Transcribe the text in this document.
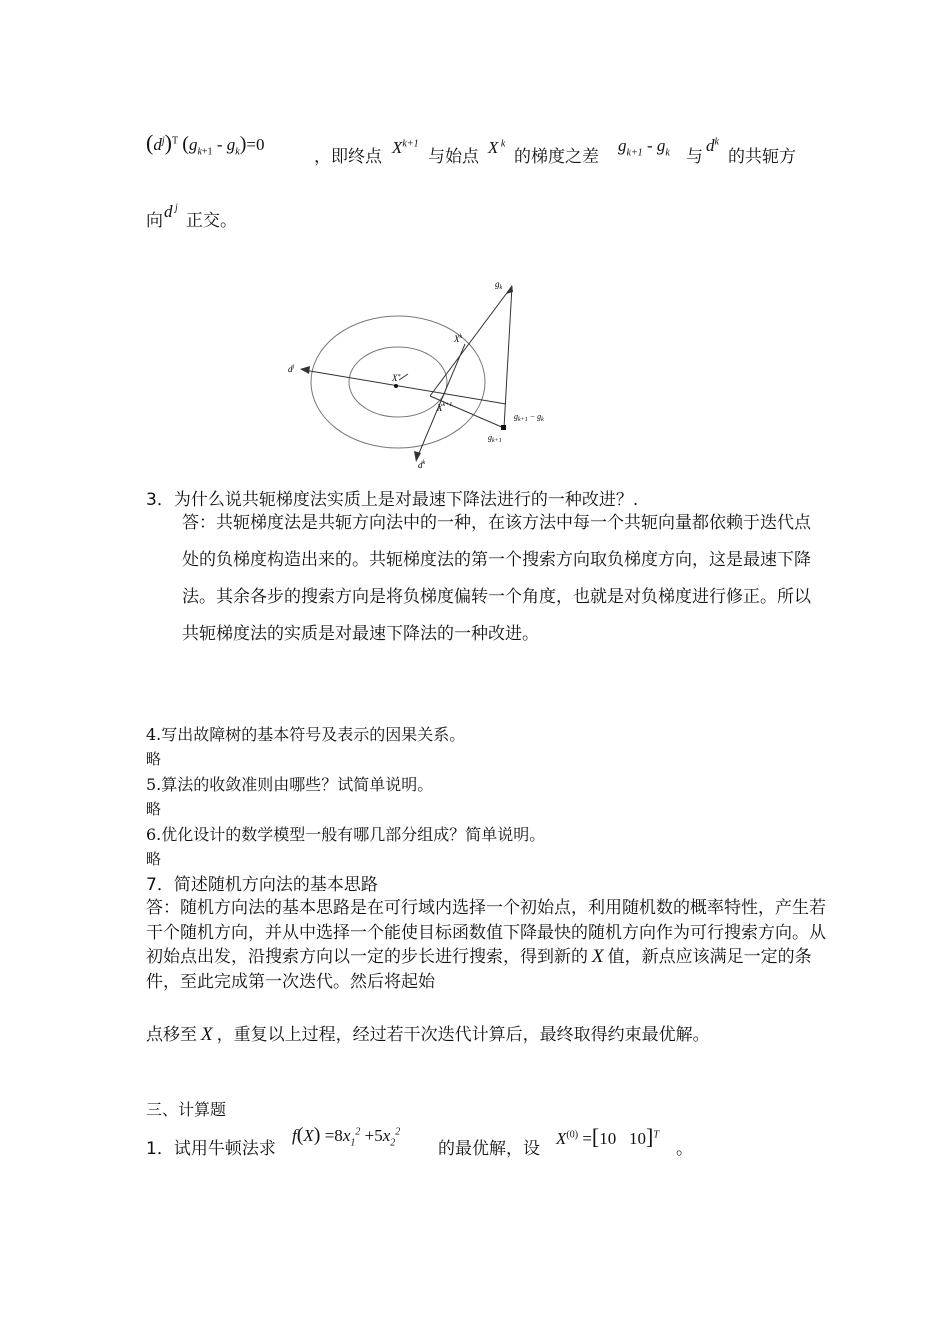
$(d^j)^T$ $(g_{k+1} - g_k)=0$
，即终点 $X^{k+1}$
与始点 X $^k$
的梯度之差
$g_{k+1} - g_k$ 与
$d^k$
的共轭方
向 d $^j$
正交。
$g_k$
$X^k$
$d^j$
X*
$X^{k+1}$
$g_{k+1} - g_k$
$g_{k+1}$
$d^k$
3．为什么说共轭梯度法实质上是对最速下降法进行的一种改进？.
答：共轭梯度法是共轭方向法中的一种，在该方法中每一个共轭向量都依赖于迭代点处的负梯度构造出来的。共轭梯度法的第一个搜索方向取负梯度方向，这是最速下降法。其余各步的搜索方向是将负梯度偏转一个角度，也就是对负梯度进行修正。所以共轭梯度法的实质是对最速下降法的一种改进。
4.写出故障树的基本符号及表示的因果关系。
略
5.算法的收敛准则由哪些？试简单说明。
略
6.优化设计的数学模型一般有哪几部分组成？简单说明。
略
7．简述随机方向法的基本思路
答：随机方向法的基本思路是在可行域内选择一个初始点，利用随机数的概率特性，产生若干个随机方向，并从中选择一个能使目标函数值下降最快的随机方向作为可行搜索方向。从初始点出发，沿搜索方向以一定的步长进行搜索，得到新的 X 值，新点应该满足一定的条件，至此完成第一次迭代。然后将起始
点移至 X ，重复以上过程，经过若干次迭代计算后，最终取得约束最优解。
三、计算题
1．试用牛顿法求
$f(X) =8x_1^2 +5x_2^2$
的最优解，设
$X^{(0)} =[10$   10]$^T$
。
